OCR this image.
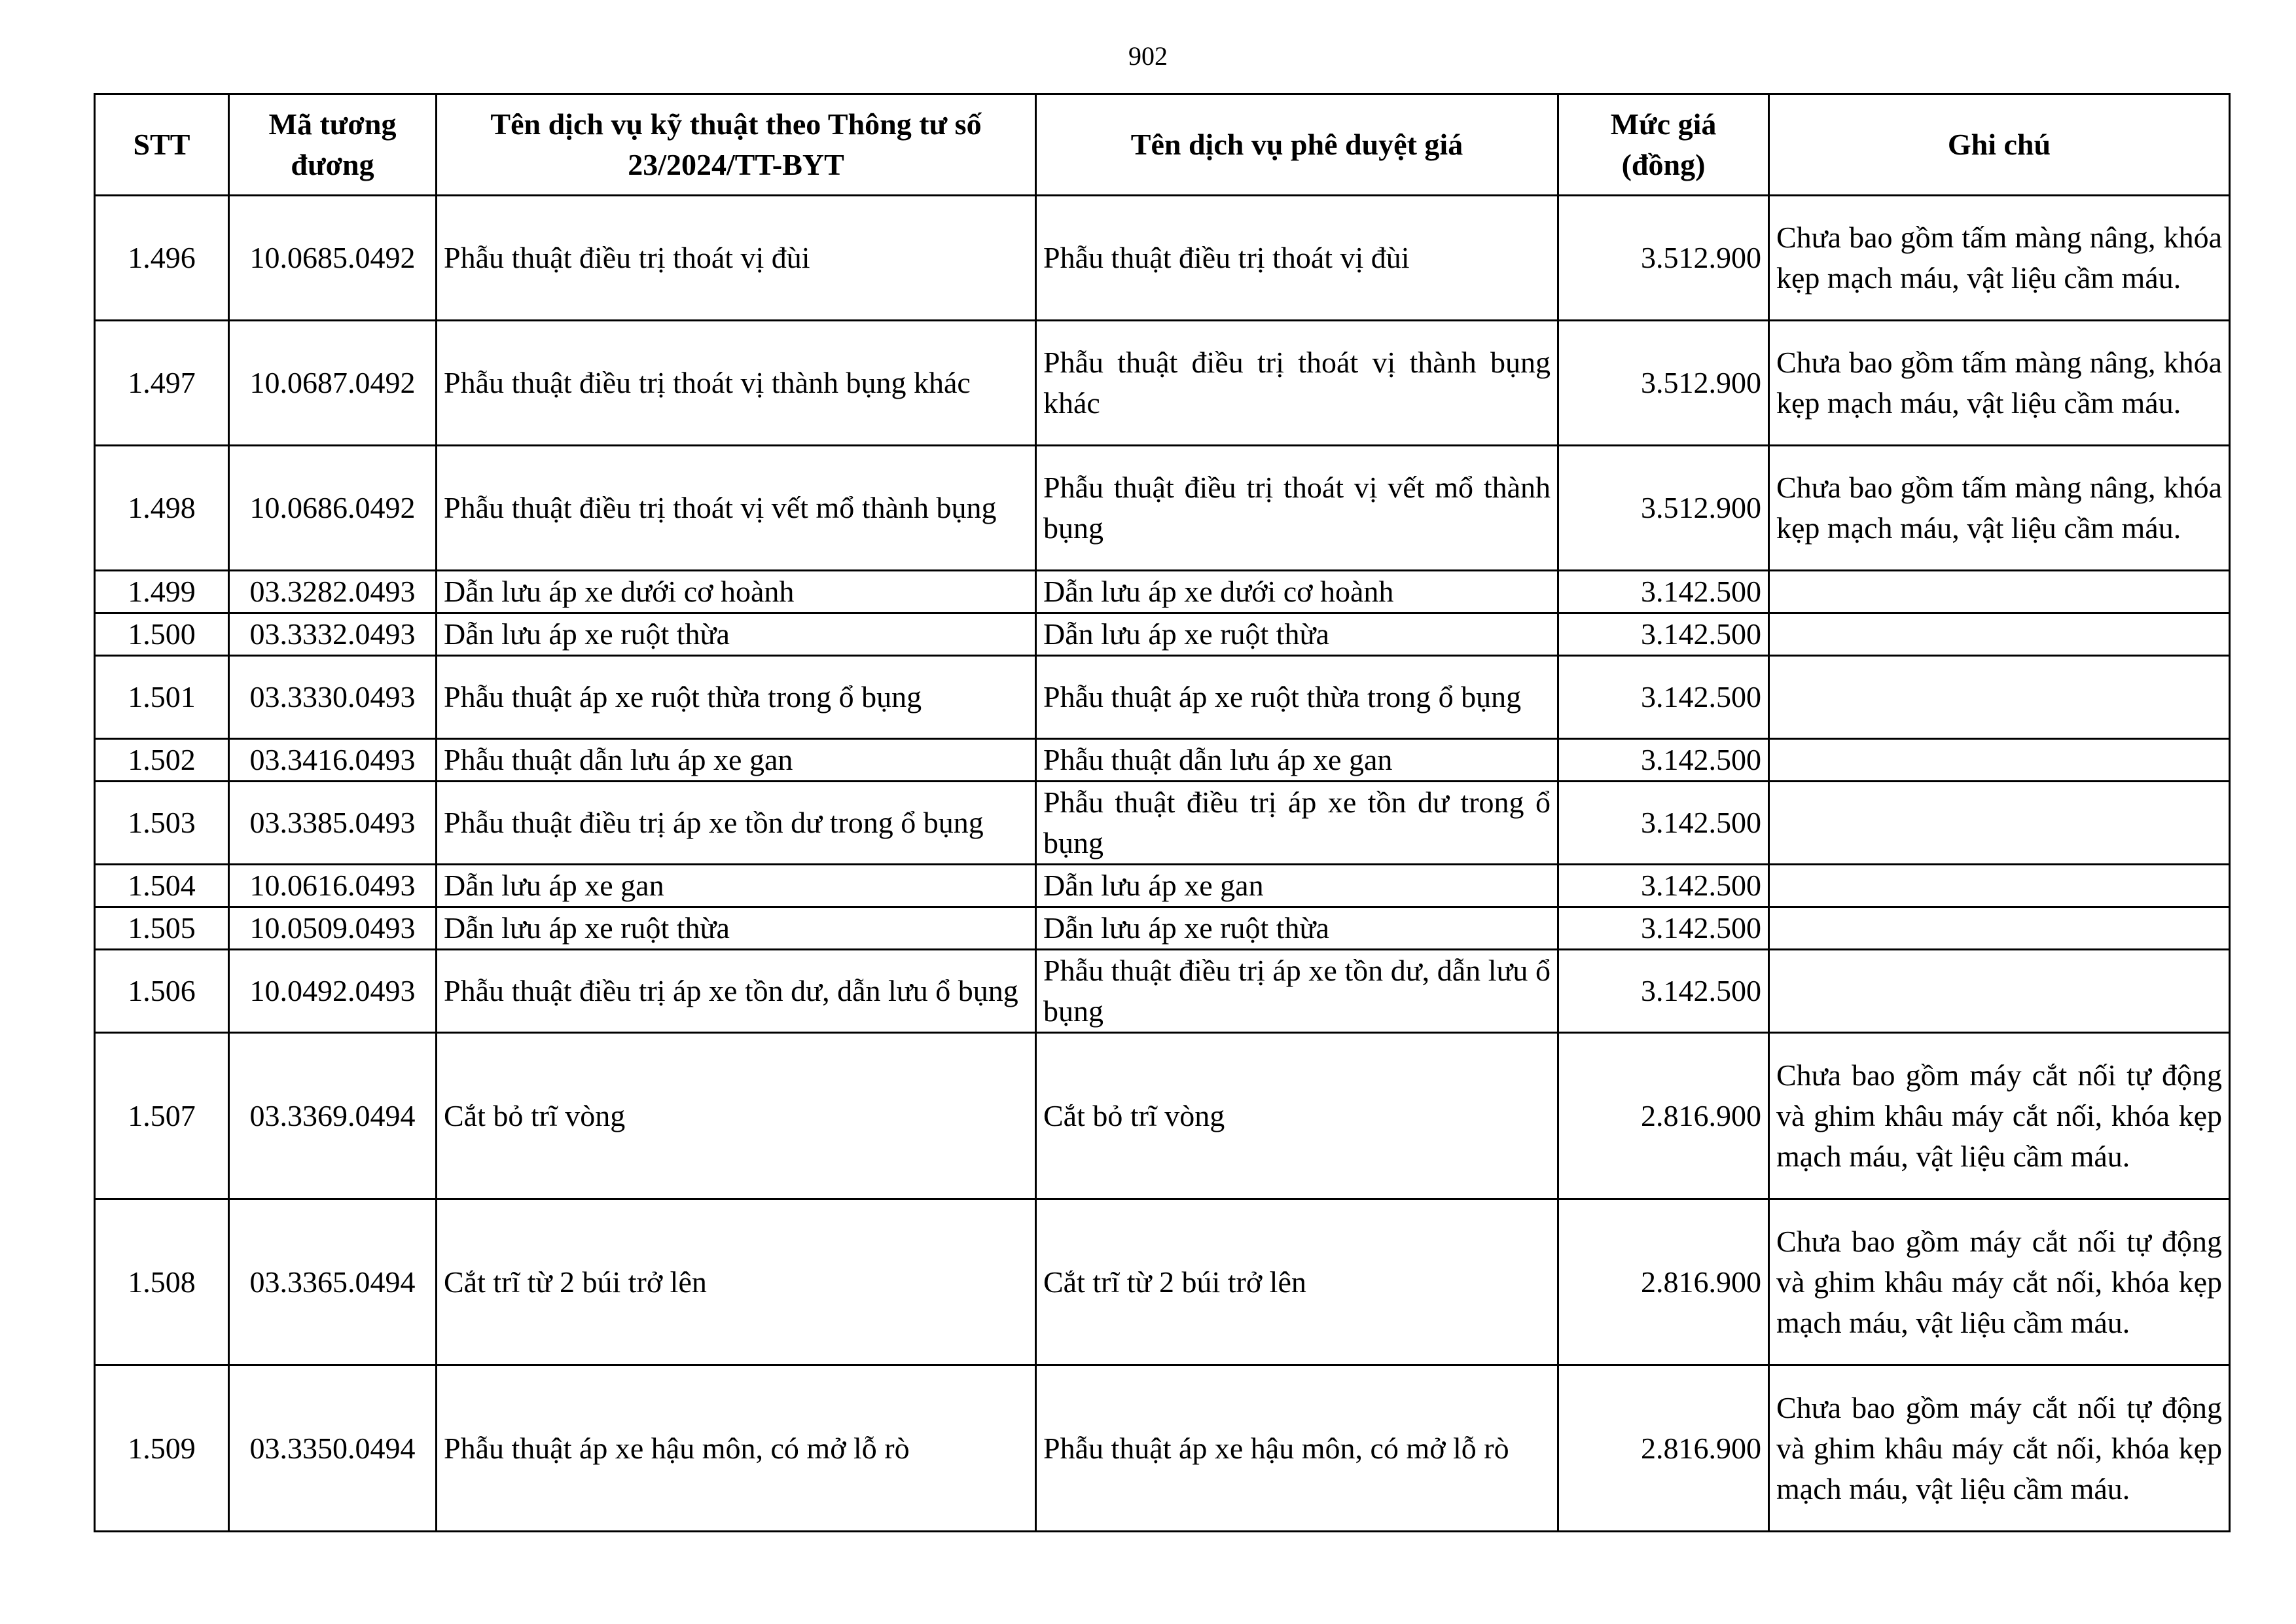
902
STT	Mã tương đương	Tên dịch vụ kỹ thuật theo Thông tư số 23/2024/TT-BYT	Tên dịch vụ phê duyệt giá	Mức giá (đồng)	Ghi chú
1.496	10.0685.0492	Phẫu thuật điều trị thoát vị đùi	Phẫu thuật điều trị thoát vị đùi	3.512.900	Chưa bao gồm tấm màng nâng, khóa kẹp mạch máu, vật liệu cầm máu.
1.497	10.0687.0492	Phẫu thuật điều trị thoát vị thành bụng khác	Phẫu thuật điều trị thoát vị thành bụng khác	3.512.900	Chưa bao gồm tấm màng nâng, khóa kẹp mạch máu, vật liệu cầm máu.
1.498	10.0686.0492	Phẫu thuật điều trị thoát vị vết mổ thành bụng	Phẫu thuật điều trị thoát vị vết mổ thành bụng	3.512.900	Chưa bao gồm tấm màng nâng, khóa kẹp mạch máu, vật liệu cầm máu.
1.499	03.3282.0493	Dẫn lưu áp xe dưới cơ hoành	Dẫn lưu áp xe dưới cơ hoành	3.142.500	
1.500	03.3332.0493	Dẫn lưu áp xe ruột thừa	Dẫn lưu áp xe ruột thừa	3.142.500	
1.501	03.3330.0493	Phẫu thuật áp xe ruột thừa trong ổ bụng	Phẫu thuật áp xe ruột thừa trong ổ bụng	3.142.500	
1.502	03.3416.0493	Phẫu thuật dẫn lưu áp xe gan	Phẫu thuật dẫn lưu áp xe gan	3.142.500	
1.503	03.3385.0493	Phẫu thuật điều trị áp xe tồn dư trong ổ bụng	Phẫu thuật điều trị áp xe tồn dư trong ổ bụng	3.142.500	
1.504	10.0616.0493	Dẫn lưu áp xe gan	Dẫn lưu áp xe gan	3.142.500	
1.505	10.0509.0493	Dẫn lưu áp xe ruột thừa	Dẫn lưu áp xe ruột thừa	3.142.500	
1.506	10.0492.0493	Phẫu thuật điều trị áp xe tồn dư, dẫn lưu ổ bụng	Phẫu thuật điều trị áp xe tồn dư, dẫn lưu ổ bụng	3.142.500	
1.507	03.3369.0494	Cắt bỏ trĩ vòng	Cắt bỏ trĩ vòng	2.816.900	Chưa bao gồm máy cắt nối tự động và ghim khâu máy cắt nối, khóa kẹp mạch máu, vật liệu cầm máu.
1.508	03.3365.0494	Cắt trĩ từ 2 búi trở lên	Cắt trĩ từ 2 búi trở lên	2.816.900	Chưa bao gồm máy cắt nối tự động và ghim khâu máy cắt nối, khóa kẹp mạch máu, vật liệu cầm máu.
1.509	03.3350.0494	Phẫu thuật áp xe hậu môn, có mở lỗ rò	Phẫu thuật áp xe hậu môn, có mở lỗ rò	2.816.900	Chưa bao gồm máy cắt nối tự động và ghim khâu máy cắt nối, khóa kẹp mạch máu, vật liệu cầm máu.
